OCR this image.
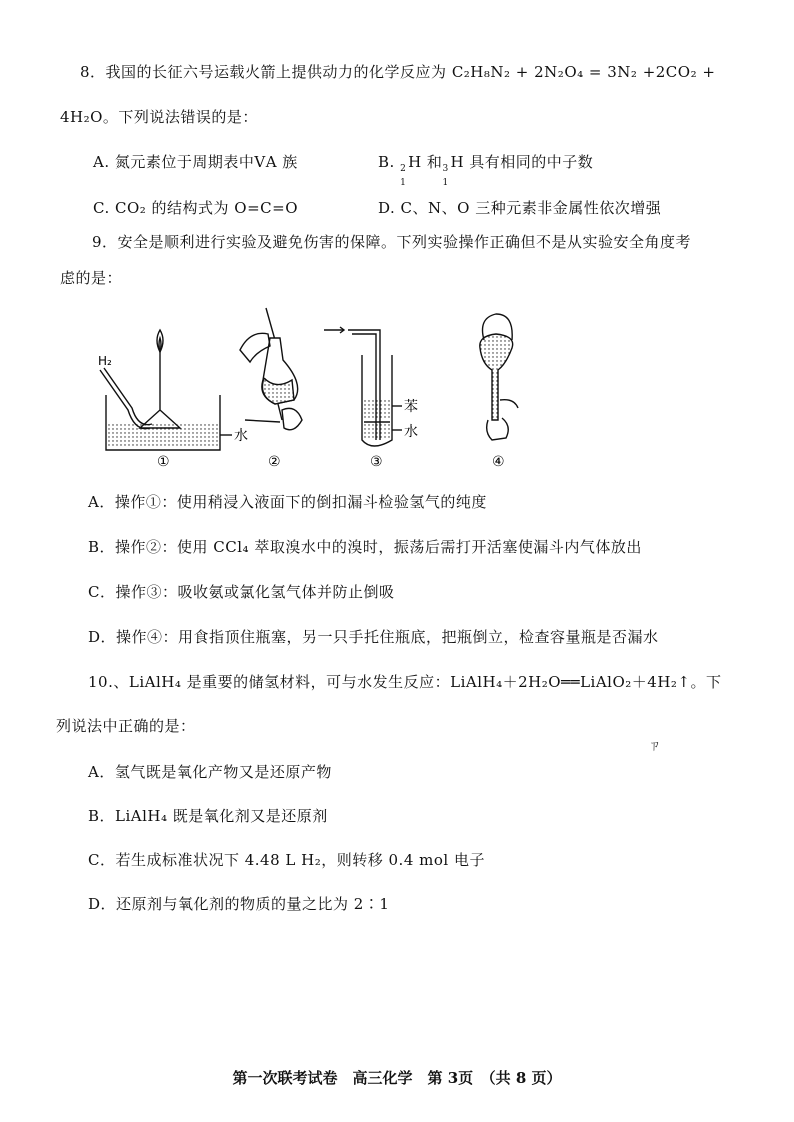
8．我国的长征六号运载火箭上提供动力的化学反应为 C₂H₈N₂ + 2N₂O₄ = 3N₂ +2CO₂ +
4H₂O。下列说法错误的是：
A. 氮元素位于周期表中ⅤA 族	B. 2
1
H 和 3
1
H 具有相同的中子数
C. CO₂ 的结构式为 O=C=O	D. C、N、O 三种元素非金属性依次增强
9．安全是顺利进行实验及避免伤害的保障。下列实验操作正确但不是从实验安全角度考
虑的是：
H₂
水
苯
水
①	②	③	④
A．操作①：使用稍浸入液面下的倒扣漏斗检验氢气的纯度
B．操作②：使用 CCl₄ 萃取溴水中的溴时，振荡后需打开活塞使漏斗内气体放出
C．操作③：吸收氨或氯化氢气体并防止倒吸
D．操作④：用食指顶住瓶塞，另一只手托住瓶底，把瓶倒立，检查容量瓶是否漏水
10.、LiAlH₄ 是重要的储氢材料，可与水发生反应：LiAlH₄＋2H₂O══LiAlO₂＋4H₂↑。下
列说法中正确的是：
ㄗ
A．氢气既是氧化产物又是还原产物
B．LiAlH₄ 既是氧化剂又是还原剂
C．若生成标准状况下 4.48 L H₂，则转移 0.4 mol 电子
D．还原剂与氧化剂的物质的量之比为 2∶1
第一次联考试卷　高三化学　第 3页　（共 8 页）
